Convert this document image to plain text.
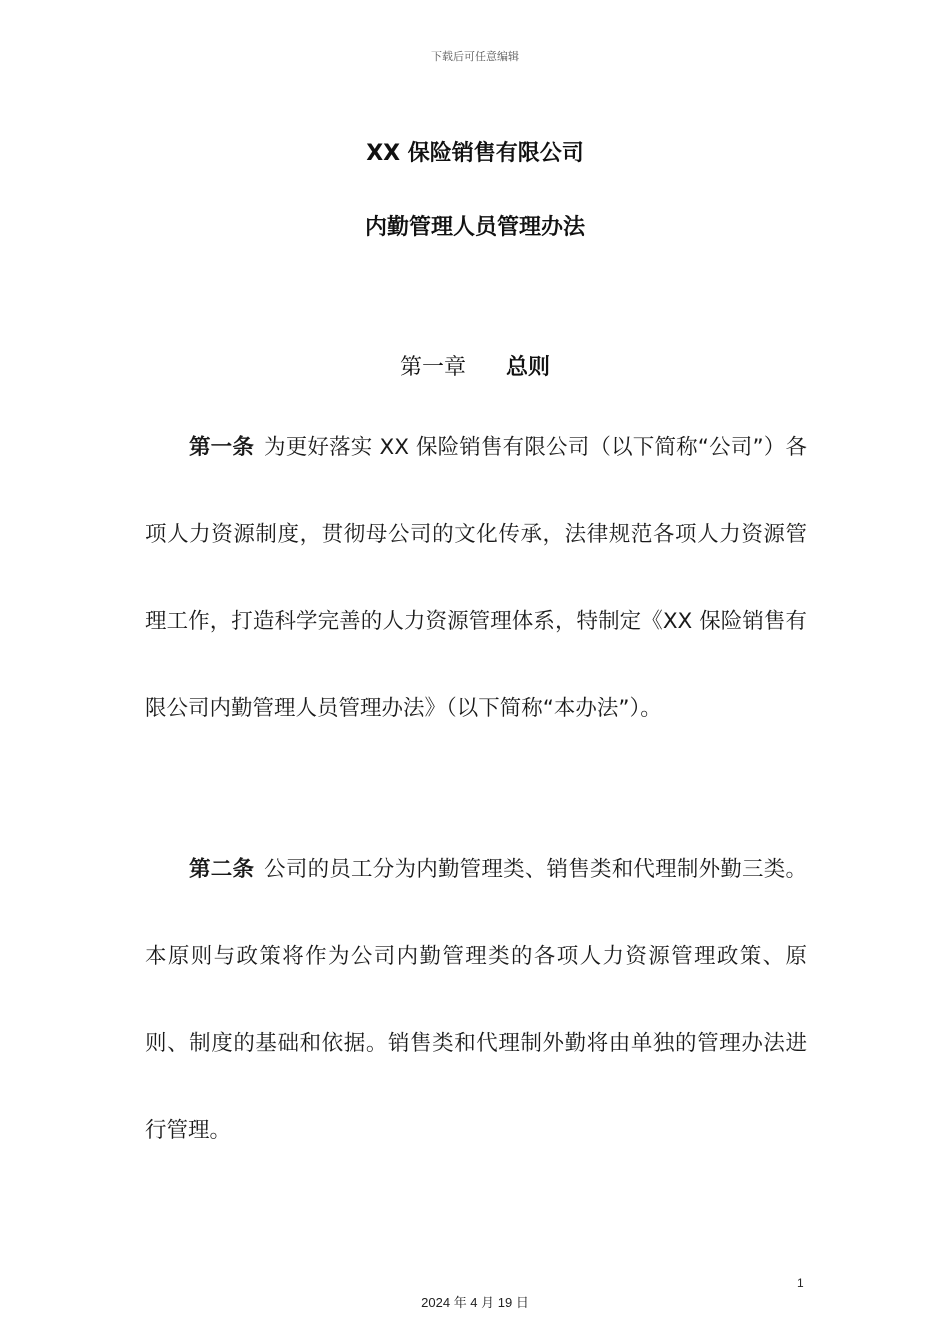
下载后可任意编辑
XX 保险销售有限公司
内勤管理人员管理办法
第一章 总则

第一条 为更好落实 XX 保险销售有限公司（以下简称“公司”）各项人力资源制度，贯彻母公司的文化传承，法律规范各项人力资源管理工作，打造科学完善的人力资源管理体系，特制定《XX 保险销售有限公司内勤管理人员管理办法》（以下简称“本办法”）。

第二条 公司的员工分为内勤管理类、销售类和代理制外勤三类。本原则与政策将作为公司内勤管理类的各项人力资源管理政策、原则、制度的基础和依据。销售类和代理制外勤将由单独的管理办法进行管理。

1
2024 年 4 月 19 日
